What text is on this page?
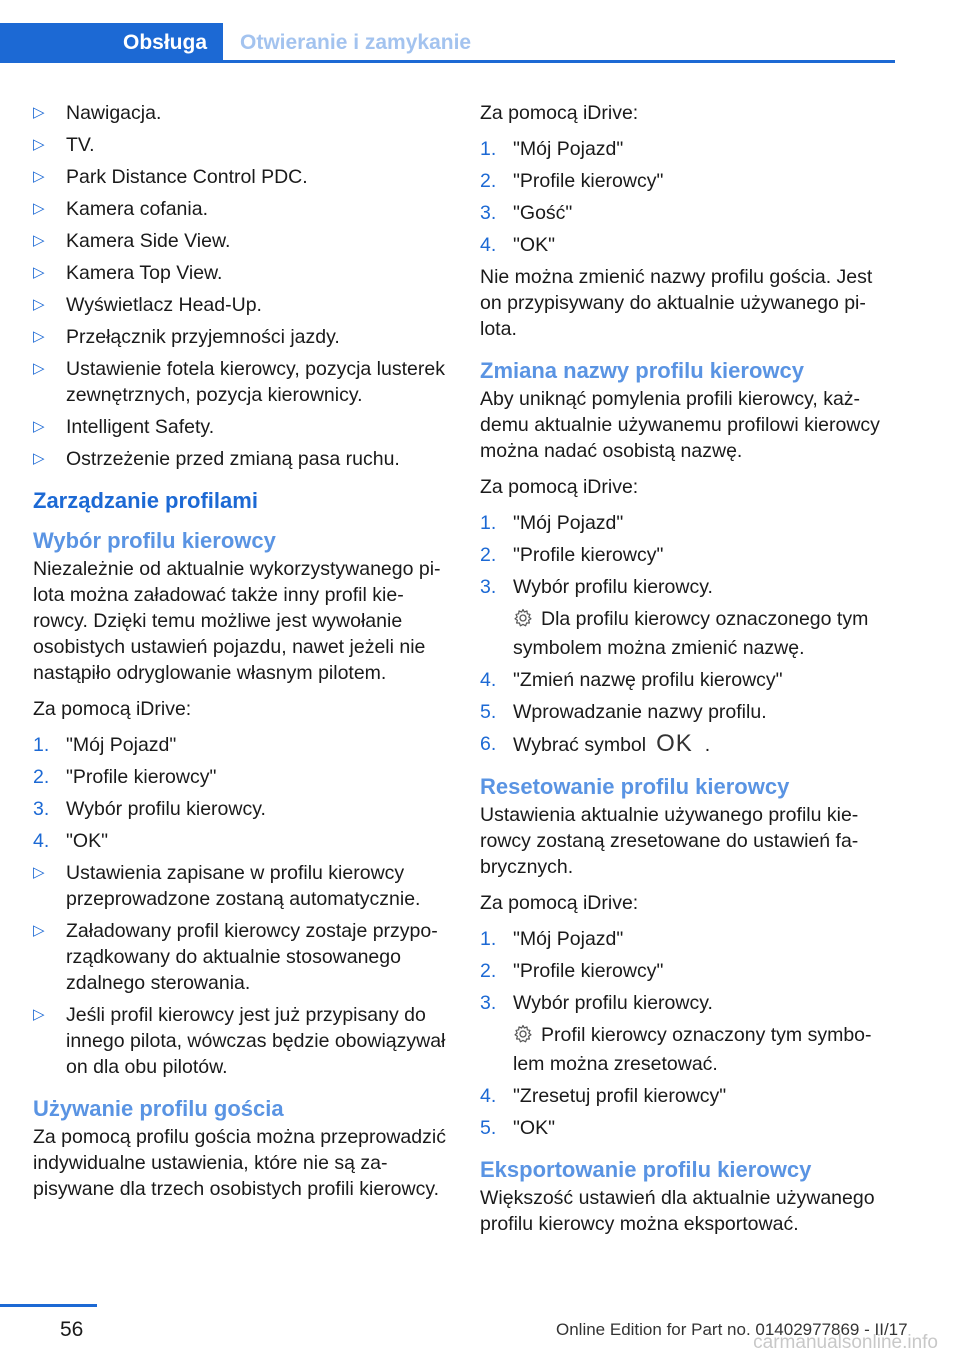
Obsługa	Otwieranie i zamykanie
▷ Nawigacja.
▷ TV.
▷ Park Distance Control PDC.
▷ Kamera cofania.
▷ Kamera Side View.
▷ Kamera Top View.
▷ Wyświetlacz Head-Up.
▷ Przełącznik przyjemności jazdy.
▷ Ustawienie fotela kierowcy, pozycja lusterek zewnętrznych, pozycja kierownicy.
▷ Intelligent Safety.
▷ Ostrzeżenie przed zmianą pasa ruchu.
Zarządzanie profilami
Wybór profilu kierowcy

Niezależnie od aktualnie wykorzystywanego pilota można załadować także inny profil kierowcy. Dzięki temu możliwe jest wywołanie osobistych ustawień pojazdu, nawet jeżeli nie nastąpiło odryglowanie własnym pilotem.

Za pomocą iDrive:

1. "Mój Pojazd"
2. "Profile kierowcy"
3. Wybór profilu kierowcy.
4. "OK"
▷ Ustawienia zapisane w profilu kierowcy przeprowadzone zostaną automatycznie.
▷ Załadowany profil kierowcy zostaje przyporządkowany do aktualnie stosowanego zdalnego sterowania.
▷ Jeśli profil kierowcy jest już przypisany do innego pilota, wówczas będzie obowiązywał on dla obu pilotów.
Używanie profilu gościa

Za pomocą profilu gościa można przeprowadzić indywidualne ustawienia, które nie są zapisywane dla trzech osobistych profili kierowcy.

Za pomocą iDrive:

1. "Mój Pojazd"
2. "Profile kierowcy"
3. "Gość"
4. "OK"

Nie można zmienić nazwy profilu gościa. Jest on przypisywany do aktualnie używanego pilota.

Zmiana nazwy profilu kierowcy

Aby uniknąć pomylenia profili kierowcy, każdemu aktualnie używanemu profilowi kierowcy można nadać osobistą nazwę.

Za pomocą iDrive:

1. "Mój Pojazd"
2. "Profile kierowcy"
3. Wybór profilu kierowcy.
Dla profilu kierowcy oznaczonego tym symbolem można zmienić nazwę.
4. "Zmień nazwę profilu kierowcy"
5. Wprowadzanie nazwy profilu.
6. Wybrać symbol OK .
Resetowanie profilu kierowcy

Ustawienia aktualnie używanego profilu kierowcy zostaną zresetowane do ustawień fabrycznych.

Za pomocą iDrive:

1. "Mój Pojazd"
2. "Profile kierowcy"
3. Wybór profilu kierowcy.
Profil kierowcy oznaczony tym symbolem można zresetować.
4. "Zresetuj profil kierowcy"
5. "OK"
Eksportowanie profilu kierowcy

Większość ustawień dla aktualnie używanego profilu kierowcy można eksportować.

56	Online Edition for Part no. 01402977869 - II/17
carmanualsonline.info
